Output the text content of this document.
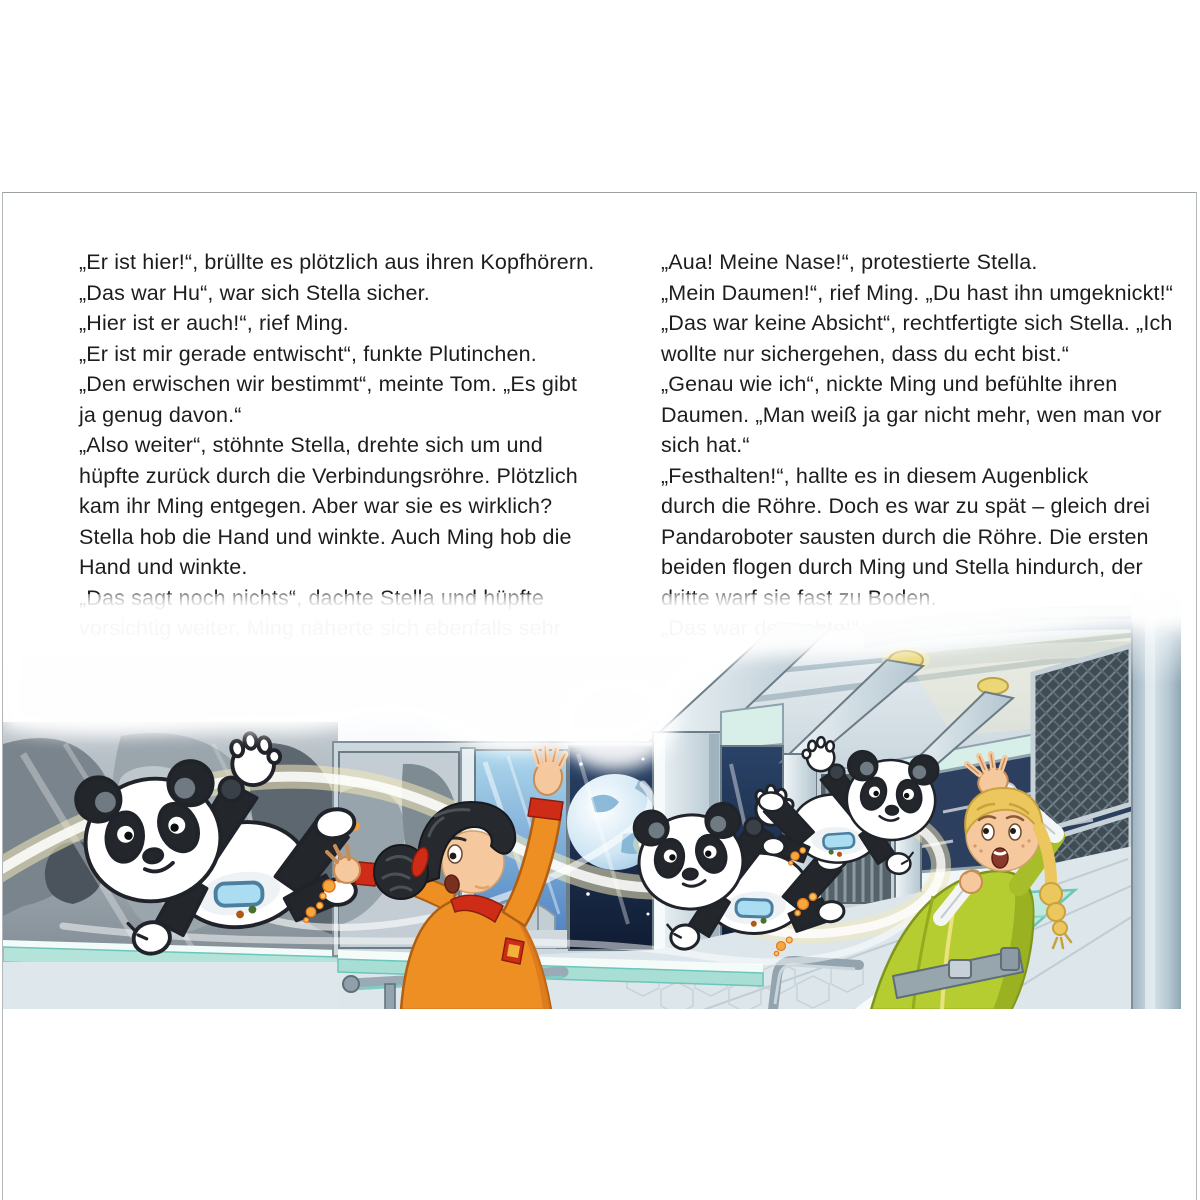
„Er ist hier!“, brüllte es plötzlich aus ihren Kopfhörern.

„Das war Hu“, war sich Stella sicher.

„Hier ist er auch!“, rief Ming.

„Er ist mir gerade entwischt“, funkte Plutinchen.

„Den erwischen wir bestimmt“, meinte Tom. „Es gibt

ja genug davon.“

„Also weiter“, stöhnte Stella, drehte sich um und

hüpfte zurück durch die Verbindungsröhre. Plötzlich

kam ihr Ming entgegen. Aber war sie es wirklich?

Stella hob die Hand und winkte. Auch Ming hob die

Hand und winkte.

„Aua! Meine Nase!“, protestierte Stella.

„Mein Daumen!“, rief Ming. „Du hast ihn umgeknickt!“

„Das war keine Absicht“, rechtfertigte sich Stella. „Ich

wollte nur sichergehen, dass du echt bist.“

„Genau wie ich“, nickte Ming und befühlte ihren

Daumen. „Man weiß ja gar nicht mehr, wen man vor

sich hat.“

„Festhalten!“, hallte es in diesem Augenblick

durch die Röhre. Doch es war zu spät – gleich drei

Pandaroboter sausten durch die Röhre. Die ersten

beiden flogen durch Ming und Stella hindurch, der
